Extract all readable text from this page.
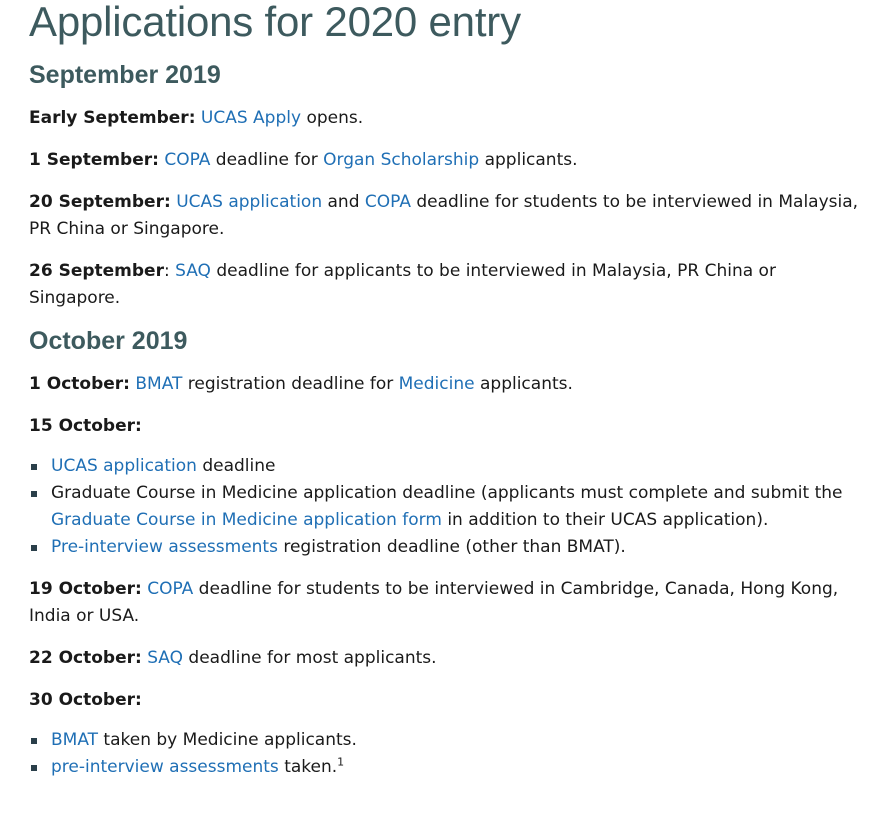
Applications for 2020 entry
September 2019

Early September: UCAS Apply opens.

1 September: COPA deadline for Organ Scholarship applicants.

20 September: UCAS application and COPA deadline for students to be interviewed in Malaysia, PR China or Singapore.

26 September: SAQ deadline for applicants to be interviewed in Malaysia, PR China or Singapore.

October 2019

1 October: BMAT registration deadline for Medicine applicants.

15 October:

UCAS application deadline
Graduate Course in Medicine application deadline (applicants must complete and submit the Graduate Course in Medicine application form in addition to their UCAS application).
Pre-interview assessments registration deadline (other than BMAT).

19 October: COPA deadline for students to be interviewed in Cambridge, Canada, Hong Kong, India or USA.

22 October: SAQ deadline for most applicants.

30 October:

BMAT taken by Medicine applicants.
pre-interview assessments taken.$^1$
